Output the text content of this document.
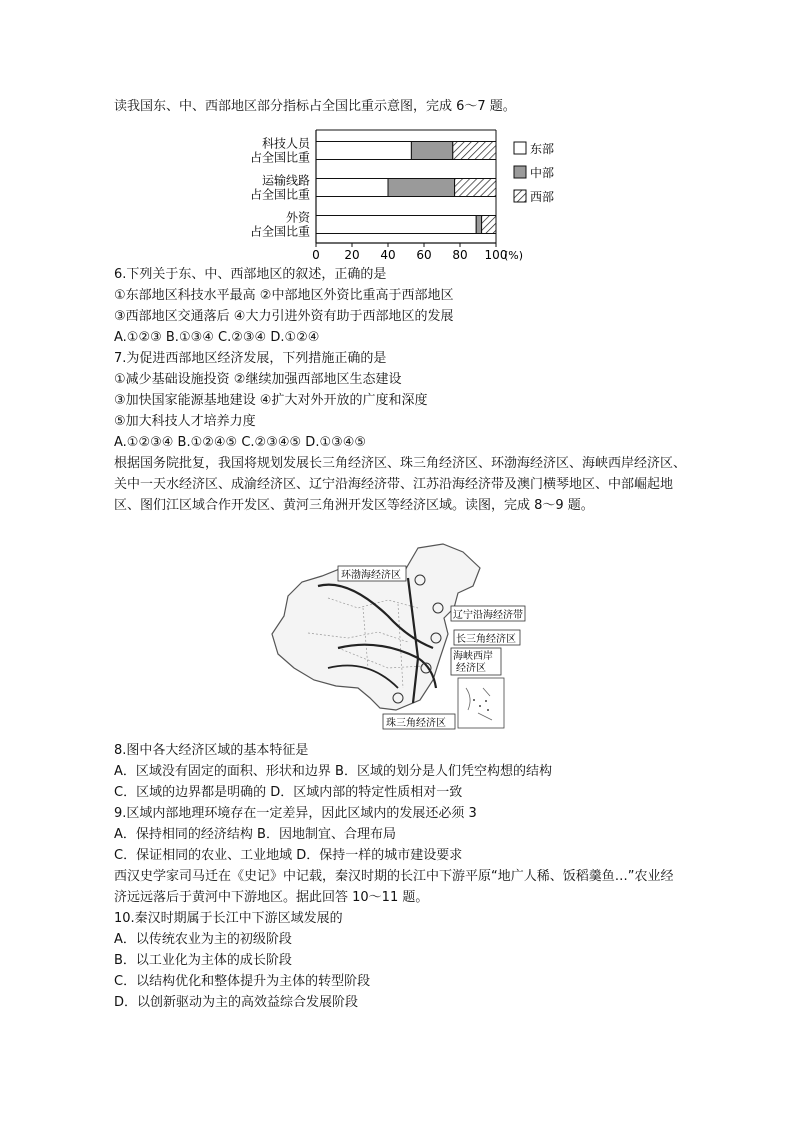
读我国东、中、西部地区部分指标占全国比重示意图，完成 6～7 题。
科技人员
占全国比重
运输线路
占全国比重
外资
占全国比重
0 20 40 60 80 100
(%)
东部
中部
西部
6.下列关于东、中、西部地区的叙述，正确的是
①东部地区科技水平最高 ②中部地区外资比重高于西部地区
③西部地区交通落后 ④大力引进外资有助于西部地区的发展
A.①②③ B.①③④ C.②③④ D.①②④
7.为促进西部地区经济发展，下列措施正确的是
①减少基础设施投资 ②继续加强西部地区生态建设
③加快国家能源基地建设 ④扩大对外开放的广度和深度
⑤加大科技人才培养力度
A.①②③④ B.①②④⑤ C.②③④⑤ D.①③④⑤
根据国务院批复，我国将规划发展长三角经济区、珠三角经济区、环渤海经济区、海峡西岸经济区、关中一天水经济区、成渝经济区、辽宁沿海经济带、江苏沿海经济带及澳门横琴地区、中部崛起地区、图们江区域合作开发区、黄河三角洲开发区等经济区域。读图，完成 8～9 题。
环渤海经济区
辽宁沿海经济带
长三角经济区
海峡西岸
经济区
珠三角经济区
8.图中各大经济区域的基本特征是
A．区域没有固定的面积、形状和边界 B．区域的划分是人们凭空构想的结构
C．区域的边界都是明确的 D．区域内部的特定性质相对一致
9.区域内部地理环境存在一定差异，因此区域内的发展还必须 3
A．保持相同的经济结构 B．因地制宜、合理布局
C．保证相同的农业、工业地域 D．保持一样的城市建设要求
西汉史学家司马迁在《史记》中记载，秦汉时期的长江中下游平原“地广人稀、饭稻羹鱼…”农业经济远远落后于黄河中下游地区。据此回答 10～11 题。
10.秦汉时期属于长江中下游区域发展的
A．以传统农业为主的初级阶段
B．以工业化为主体的成长阶段
C．以结构优化和整体提升为主体的转型阶段
D．以创新驱动为主的高效益综合发展阶段
